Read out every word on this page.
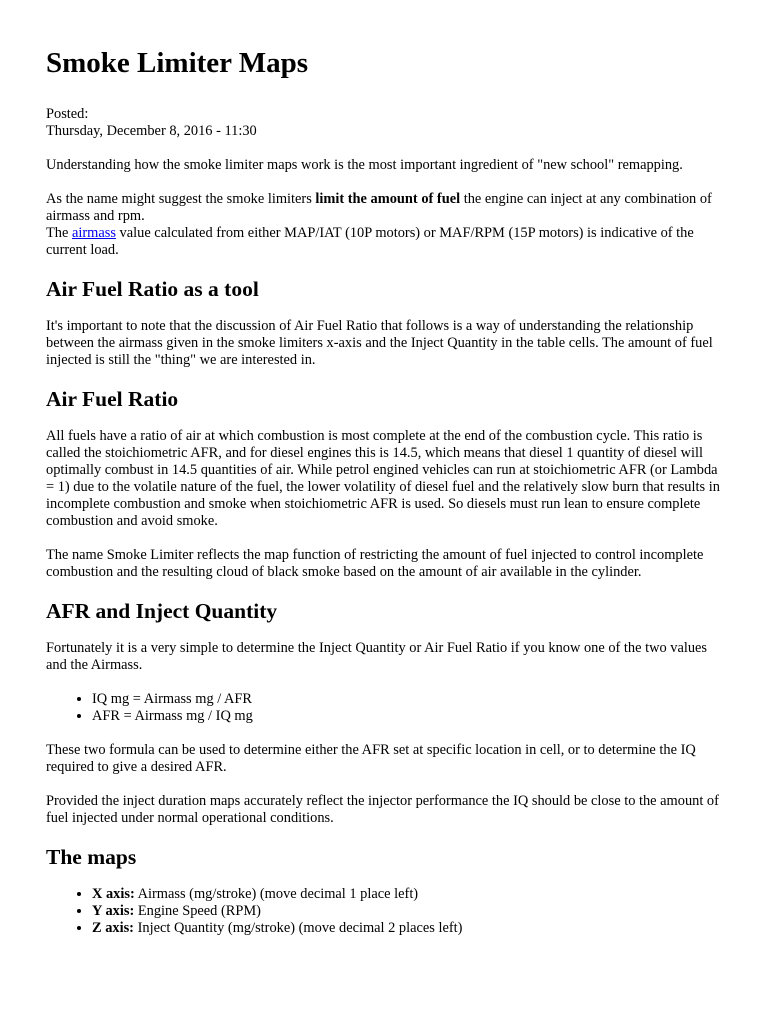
Smoke Limiter Maps
Posted:
Thursday, December 8, 2016 - 11:30

Understanding how the smoke limiter maps work is the most important ingredient of "new school" remapping.

As the name might suggest the smoke limiters limit the amount of fuel the engine can inject at any combination of airmass and rpm.
The airmass value calculated from either MAP/IAT (10P motors) or MAF/RPM (15P motors) is indicative of the current load.
Air Fuel Ratio as a tool

It's important to note that the discussion of Air Fuel Ratio that follows is a way of understanding the relationship between the airmass given in the smoke limiters x-axis and the Inject Quantity in the table cells. The amount of fuel injected is still the "thing" we are interested in.

Air Fuel Ratio

All fuels have a ratio of air at which combustion is most complete at the end of the combustion cycle. This ratio is called the stoichiometric AFR, and for diesel engines this is 14.5, which means that diesel 1 quantity of diesel will optimally combust in 14.5 quantities of air. While petrol engined vehicles can run at stoichiometric AFR (or Lambda = 1) due to the volatile nature of the fuel, the lower volatility of diesel fuel and the relatively slow burn that results in incomplete combustion and smoke when stoichiometric AFR is used. So diesels must run lean to ensure complete combustion and avoid smoke.

The name Smoke Limiter reflects the map function of restricting the amount of fuel injected to control incomplete combustion and the resulting cloud of black smoke based on the amount of air available in the cylinder.

AFR and Inject Quantity

Fortunately it is a very simple to determine the Inject Quantity or Air Fuel Ratio if you know one of the two values and the Airmass.

• IQ mg = Airmass mg / AFR
• AFR = Airmass mg / IQ mg

These two formula can be used to determine either the AFR set at specific location in cell, or to determine the IQ required to give a desired AFR.

Provided the inject duration maps accurately reflect the injector performance the IQ should be close to the amount of fuel injected under normal operational conditions.

The maps
• X axis: Airmass (mg/stroke) (move decimal 1 place left)
• Y axis: Engine Speed (RPM)
• Z axis: Inject Quantity (mg/stroke) (move decimal 2 places left)
